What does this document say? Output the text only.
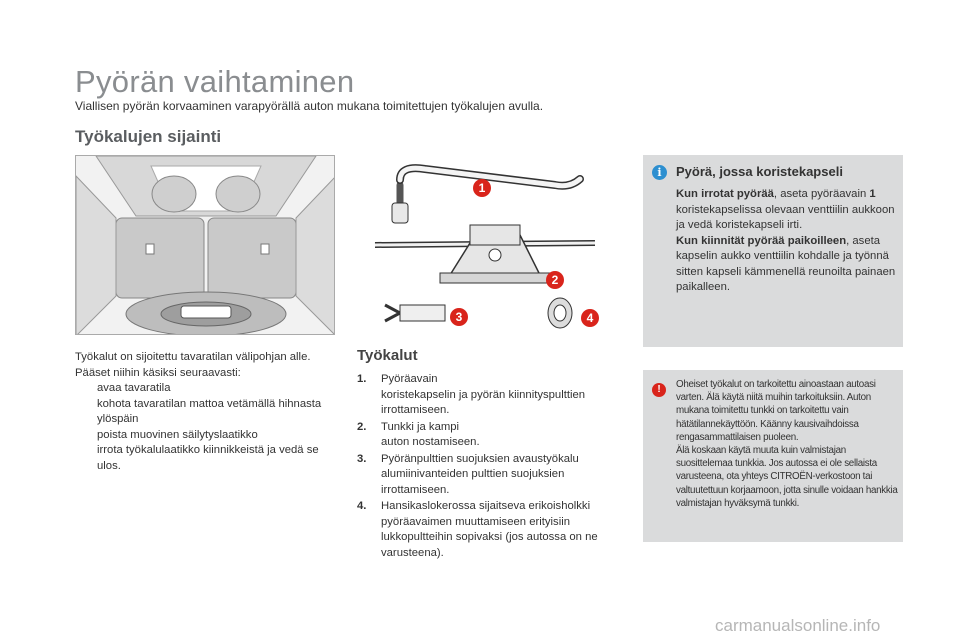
Pyörän vaihtaminen
Viallisen pyörän korvaaminen varapyörällä auton mukana toimitettujen työkalujen avulla.
Työkalujen sijainti
1
2
3	4

Työkalut on sijoitettu tavaratilan välipohjan alle. Pääset niihin käsiksi seuraavasti:

avaa tavaratila
kohota tavaratilan mattoa vetämällä hihnasta ylöspäin
poista muovinen säilytyslaatikko
irrota työkalulaatikko kiinnikkeistä ja vedä se ulos.
Työkalut
1. Pyöräavain
koristekapselin ja pyörän kiinnityspulttien irrottamiseen.
2. Tunkki ja kampi
auton nostamiseen.
3. Pyöränpulttien suojuksien avaustyökalu
alumiinivanteiden pulttien suojuksien irrottamiseen.
4. Hansikaslokerossa sijaitseva erikoisholkki
pyöräavaimen muuttamiseen erityisiin lukkopultteihin sopivaksi (jos autossa on ne varusteena).
i	Pyörä, jossa koristekapseli

Kun irrotat pyörää, aseta pyöräavain 1 koristekapselissa olevaan venttiilin aukkoon ja vedä koristekapseli irti.

Kun kiinnität pyörää paikoilleen, aseta kapselin aukko venttiilin kohdalle ja työnnä sitten kapseli kämmenellä reunoilta painaen paikalleen.

!	Oheiset työkalut on tarkoitettu ainoastaan autoasi varten. Älä käytä niitä muihin tarkoituksiin. Auton mukana toimitettu tunkki on tarkoitettu vain hätätilannekäyttöön. Käänny kausivaihdoissa rengasammattilaisen puoleen.

Älä koskaan käytä muuta kuin valmistajan suosittelemaa tunkkia. Jos autossa ei ole sellaista varusteena, ota yhteys CITROËN-verkostoon tai valtuutettuun korjaamoon, jotta sinulle voidaan hankkia valmistajan hyväksymä tunkki.

carmanualsonline.info
